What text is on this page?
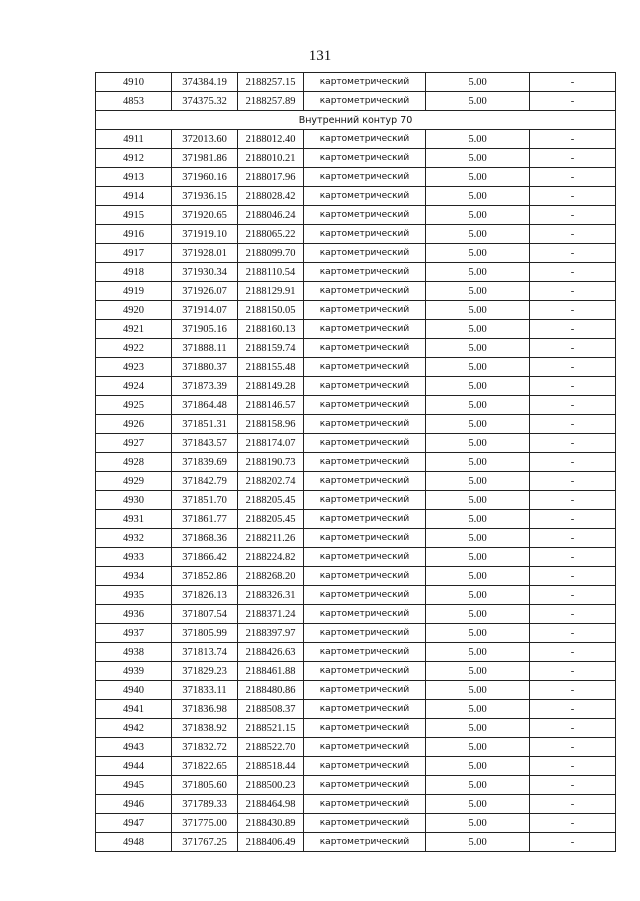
131
4910	374384.19	2188257.15	картометрический	5.00	-
4853	374375.32	2188257.89	картометрический	5.00	-
Внутренний контур 70					
4911	372013.60	2188012.40	картометрический	5.00	-
4912	371981.86	2188010.21	картометрический	5.00	-
4913	371960.16	2188017.96	картометрический	5.00	-
4914	371936.15	2188028.42	картометрический	5.00	-
4915	371920.65	2188046.24	картометрический	5.00	-
4916	371919.10	2188065.22	картометрический	5.00	-
4917	371928.01	2188099.70	картометрический	5.00	-
4918	371930.34	2188110.54	картометрический	5.00	-
4919	371926.07	2188129.91	картометрический	5.00	-
4920	371914.07	2188150.05	картометрический	5.00	-
4921	371905.16	2188160.13	картометрический	5.00	-
4922	371888.11	2188159.74	картометрический	5.00	-
4923	371880.37	2188155.48	картометрический	5.00	-
4924	371873.39	2188149.28	картометрический	5.00	-
4925	371864.48	2188146.57	картометрический	5.00	-
4926	371851.31	2188158.96	картометрический	5.00	-
4927	371843.57	2188174.07	картометрический	5.00	-
4928	371839.69	2188190.73	картометрический	5.00	-
4929	371842.79	2188202.74	картометрический	5.00	-
4930	371851.70	2188205.45	картометрический	5.00	-
4931	371861.77	2188205.45	картометрический	5.00	-
4932	371868.36	2188211.26	картометрический	5.00	-
4933	371866.42	2188224.82	картометрический	5.00	-
4934	371852.86	2188268.20	картометрический	5.00	-
4935	371826.13	2188326.31	картометрический	5.00	-
4936	371807.54	2188371.24	картометрический	5.00	-
4937	371805.99	2188397.97	картометрический	5.00	-
4938	371813.74	2188426.63	картометрический	5.00	-
4939	371829.23	2188461.88	картометрический	5.00	-
4940	371833.11	2188480.86	картометрический	5.00	-
4941	371836.98	2188508.37	картометрический	5.00	-
4942	371838.92	2188521.15	картометрический	5.00	-
4943	371832.72	2188522.70	картометрический	5.00	-
4944	371822.65	2188518.44	картометрический	5.00	-
4945	371805.60	2188500.23	картометрический	5.00	-
4946	371789.33	2188464.98	картометрический	5.00	-
4947	371775.00	2188430.89	картометрический	5.00	-
4948	371767.25	2188406.49	картометрический	5.00	-
